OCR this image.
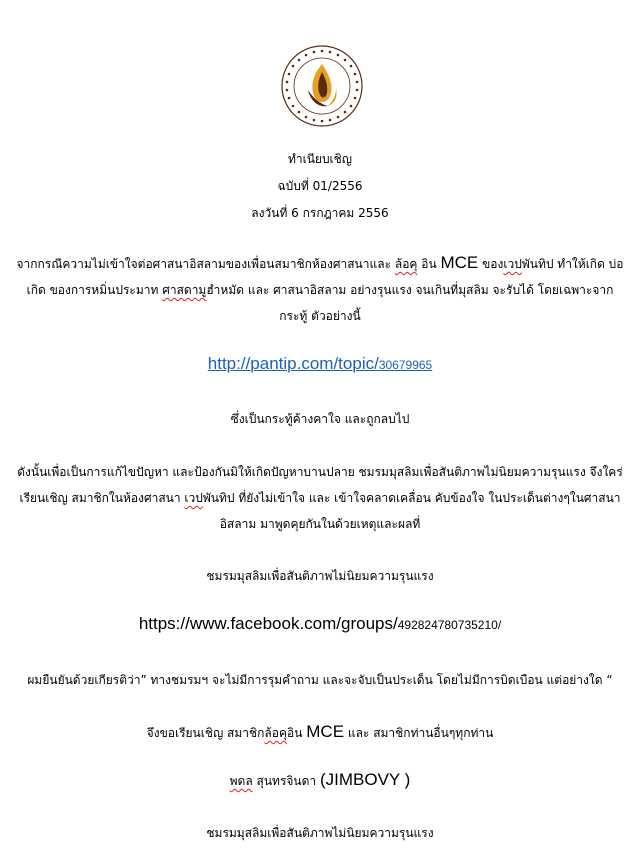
ทำเนียบเชิญ
ฉบับที่ 01/2556
ลงวันที่ 6 กรกฎาคม 2556
จากกรณีความไม่เข้าใจต่อศาสนาอิสลามของเพื่อนสมาชิกห้องศาสนาและ ล้อคุ อิน MCE ของเวปพันทิป ทำให้เกิด บ่อเกิด ของการหมิ่นประมาท ศาสดามูฮำหมัด และ ศาสนาอิสลาม อย่างรุนแรง จนเกินที่มุสลิม จะรับได้ โดยเฉพาะจากกระทู้ ตัวอย่างนี้
http://pantip.com/topic/30679965
ซึ่งเป็นกระทู้ค้างคาใจ และถูกลบไป
ดังนั้นเพื่อเป็นการแก้ไขปัญหา และป้องกันมิให้เกิดปัญหาบานปลาย ชมรมมุสลิมเพื่อสันติภาพไม่นิยมความรุนแรง จึงใคร่ เรียนเชิญ สมาชิกในห้องศาสนา เวปพันทิป ที่ยังไม่เข้าใจ และ เข้าใจคลาดเคลื่อน คับข้องใจ ในประเด็นต่างๆในศาสนาอิสลาม มาพูดคุยกันในด้วยเหตุและผลที่
ชมรมมุสลิมเพื่อสันติภาพไม่นิยมความรุนแรง
https://www.facebook.com/groups/492824780735210/
ผมยืนยันด้วยเกียรติว่า” ทางชมรมฯ จะไม่มีการรุมคำถาม และจะจับเป็นประเด็น โดยไม่มีการบิดเบือน แต่อย่างใด “
จึงขอเรียนเชิญ สมาชิกล้อคุอิน MCE และ สมาชิกท่านอื่นๆทุกท่าน
พดล สุนทรจินดา (JIMBOVY )
ชมรมมุสลิมเพื่อสันติภาพไม่นิยมความรุนแรง
